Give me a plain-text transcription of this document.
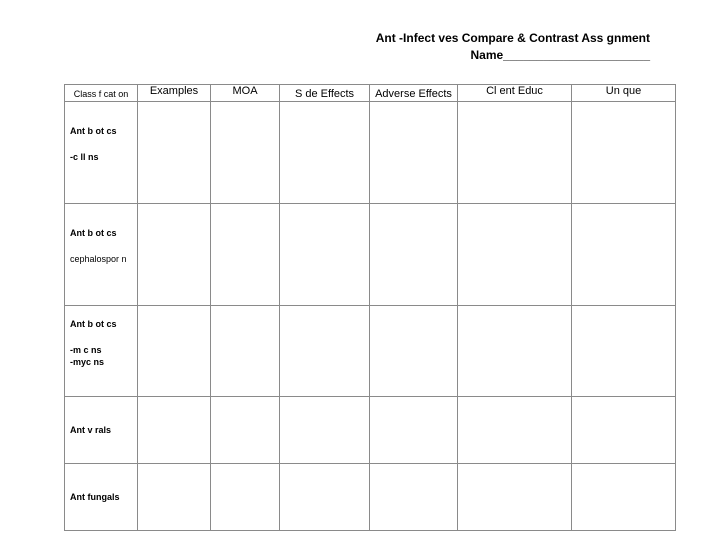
Ant -Infect ves Compare & Contrast Ass gnment
Name______________________
Class f cat on	Examples	MOA	S de Effects	Adverse Effects	Cl ent Educ	Un que

Ant b ot cs
-c ll ns						

Ant b ot cs
cephalospor n						

Ant b ot cs
-m c ns
-myc ns						

Ant v rals						

Ant fungals						
